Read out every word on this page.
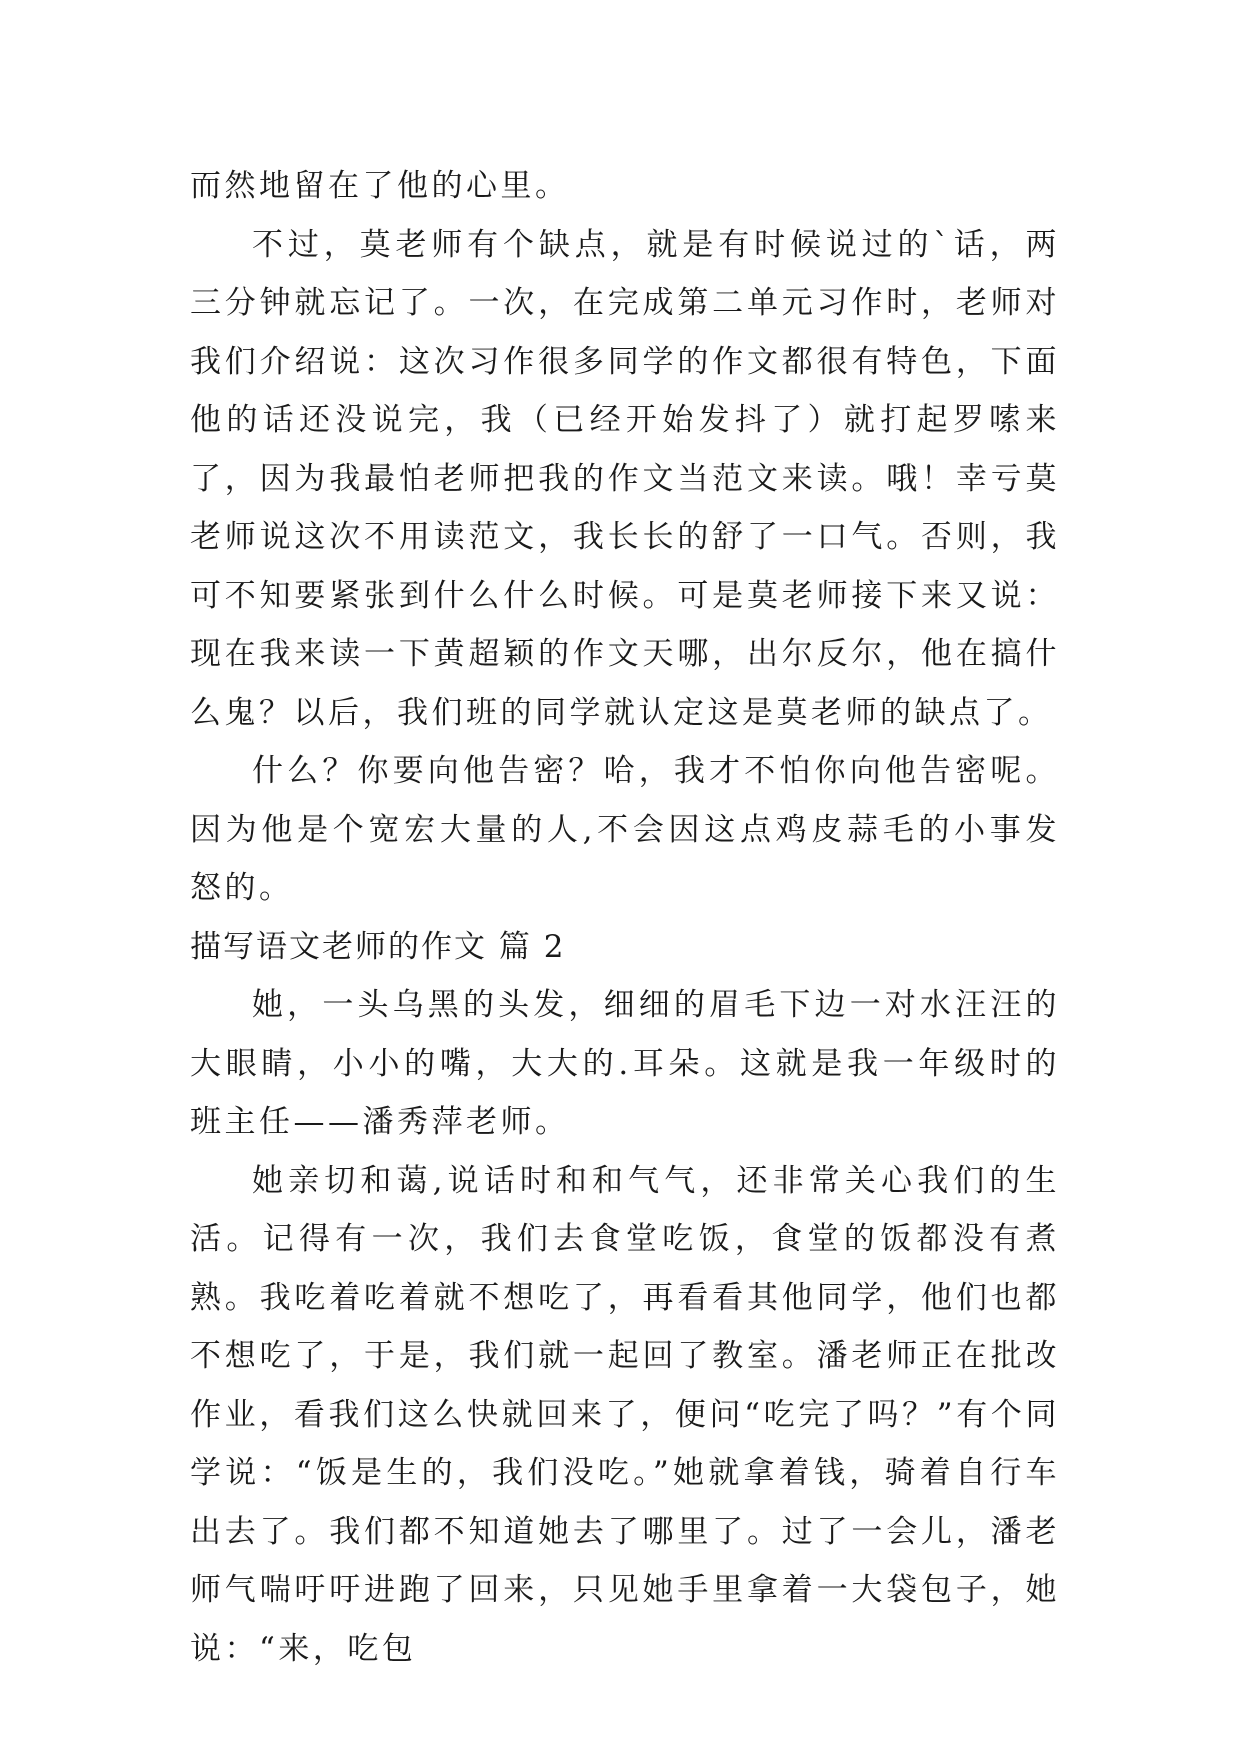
而然地留在了他的心里。

不过，莫老师有个缺点，就是有时候说过的`话，两三分钟就忘记了。一次，在完成第二单元习作时，老师对我们介绍说：这次习作很多同学的作文都很有特色，下面他的话还没说完，我（已经开始发抖了）就打起罗嗦来了，因为我最怕老师把我的作文当范文来读。哦！幸亏莫老师说这次不用读范文，我长长的舒了一口气。否则，我可不知要紧张到什么什么时候。可是莫老师接下来又说：现在我来读一下黄超颖的作文天哪，出尔反尔，他在搞什么鬼？以后，我们班的同学就认定这是莫老师的缺点了。

什么？你要向他告密？哈，我才不怕你向他告密呢。因为他是个宽宏大量的人,不会因这点鸡皮蒜毛的小事发怒的。

描写语文老师的作文 篇 2

她，一头乌黑的头发，细细的眉毛下边一对水汪汪的大眼睛，小小的嘴，大大的.耳朵。这就是我一年级时的班主任——潘秀萍老师。

她亲切和蔼,说话时和和气气，还非常关心我们的生活。记得有一次，我们去食堂吃饭，食堂的饭都没有煮熟。我吃着吃着就不想吃了，再看看其他同学，他们也都不想吃了，于是，我们就一起回了教室。潘老师正在批改作业，看我们这么快就回来了，便问“吃完了吗？”有个同学说：“饭是生的，我们没吃。”她就拿着钱，骑着自行车出去了。我们都不知道她去了哪里了。过了一会儿，潘老师气喘吁吁进跑了回来，只见她手里拿着一大袋包子，她说：“来，吃包
